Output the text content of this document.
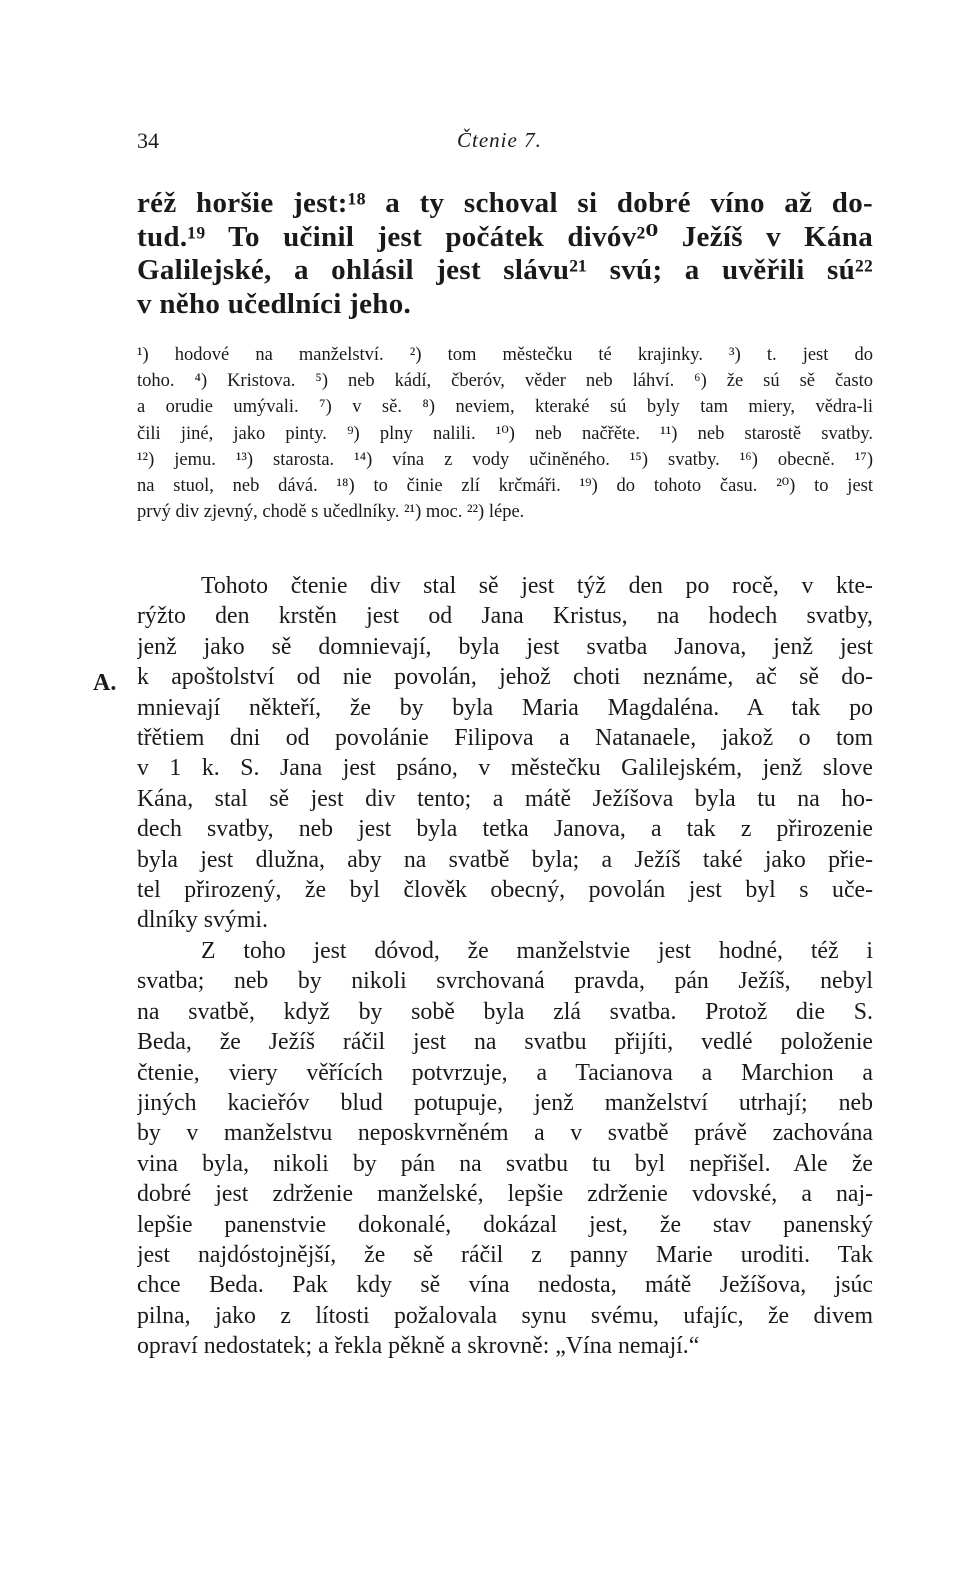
34	Čtenie 7.
réž horšie jest:¹⁸ a ty schoval si dobré víno až do-
tud.¹⁹ To učinil jest počátek divóv²⁰ Ježíš v Kána
Galilejské, a ohlásil jest slávu²¹ svú; a uvěřili sú²²
v něho učedlníci jeho.
¹) hodové na manželství. ²) tom městečku té krajinky. ³) t. jest do
toho. ⁴) Kristova. ⁵) neb kádí, čberóv, věder neb láhví. ⁶) že sú sě často
a orudie umývali. ⁷) v sě. ⁸) neviem, kteraké sú byly tam miery, vědra-li
čili jiné, jako pinty. ⁹) plny nalili. ¹⁰) neb načřěte. ¹¹) neb starostě svatby.
¹²) jemu. ¹³) starosta. ¹⁴) vína z vody učiněného. ¹⁵) svatby. ¹⁶) obecně. ¹⁷)
na stuol, neb dává. ¹⁸) to činie zlí krčmáři. ¹⁹) do tohoto času. ²⁰) to jest
prvý div zjevný, chodě s učedlníky. ²¹) moc. ²²) lépe.
A.
Tohoto čtenie div stal sě jest týž den po rocě, v kte-
rýžto den krstěn jest od Jana Kristus, na hodech svatby,
jenž jako sě domnievají, byla jest svatba Janova, jenž jest
k apoštolství od nie povolán, jehož choti neznáme, ač sě do-
mnievají někteří, že by byla Maria Magdaléna. A tak po
třětiem dni od povolánie Filipova a Natanaele, jakož o tom
v 1 k. S. Jana jest psáno, v městečku Galilejském, jenž slove
Kána, stal sě jest div tento; a mátě Ježíšova byla tu na ho-
dech svatby, neb jest byla tetka Janova, a tak z přirozenie
byla jest dlužna, aby na svatbě byla; a Ježíš také jako přie-
tel přirozený, že byl člověk obecný, povolán jest byl s uče-
dlníky svými.
Z toho jest dóvod, že manželstvie jest hodné, též i
svatba; neb by nikoli svrchovaná pravda, pán Ježíš, nebyl
na svatbě, když by sobě byla zlá svatba. Protož die S.
Beda, že Ježíš ráčil jest na svatbu přijíti, vedlé položenie
čtenie, viery věřících potvrzuje, a Tacianova a Marchion a
jiných kacieřóv blud potupuje, jenž manželství utrhají; neb
by v manželstvu neposkvrněném a v svatbě právě zachována
vina byla, nikoli by pán na svatbu tu byl nepřišel. Ale že
dobré jest zdrženie manželské, lepšie zdrženie vdovské, a naj-
lepšie panenstvie dokonalé, dokázal jest, že stav panenský
jest najdóstojnější, že sě ráčil z panny Marie uroditi. Tak
chce Beda. Pak kdy sě vína nedosta, mátě Ježíšova, jsúc
pilna, jako z lítosti požalovala synu svému, ufajíc, že divem
opraví nedostatek; a řekla pěkně a skrovně: „Vína nemají.“
